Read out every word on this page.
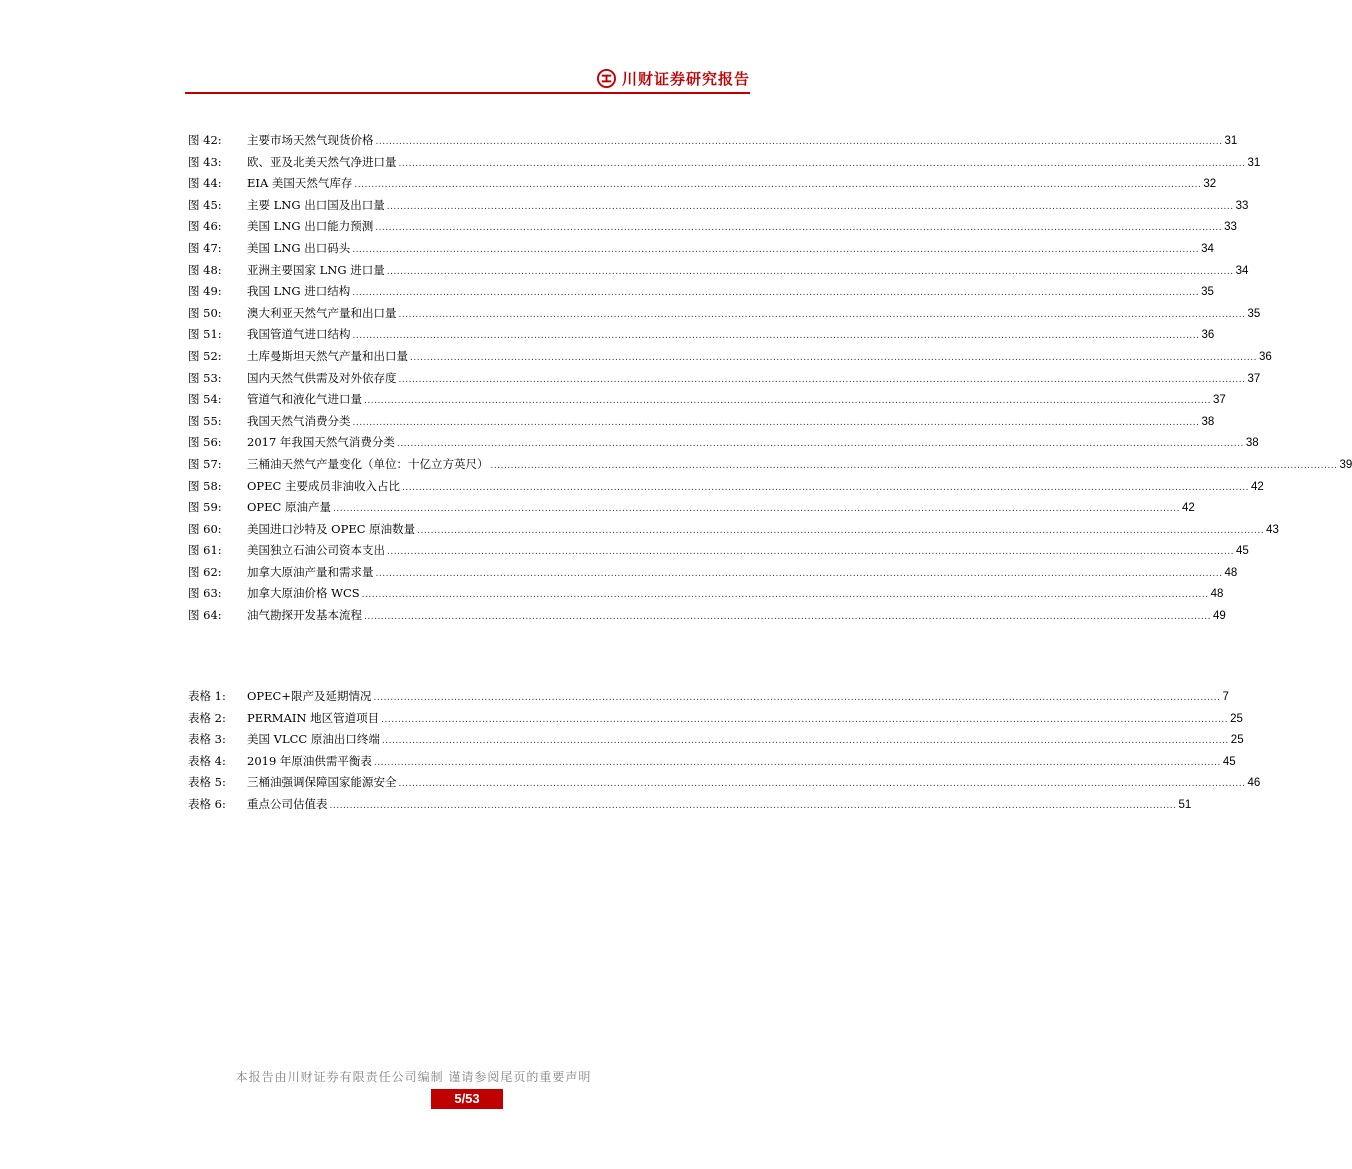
川财证券研究报告
图 42:	主要市场天然气现货价格 .....	31
图 43:	欧、亚及北美天然气净进口量 .....	31
图 44:	EIA 美国天然气库存 .....	32
图 45:	主要 LNG 出口国及出口量 .....	33
图 46:	美国 LNG 出口能力预测 .....	33
图 47:	美国 LNG 出口码头 .....	34
图 48:	亚洲主要国家 LNG 进口量 .....	34
图 49:	我国 LNG 进口结构 .....	35
图 50:	澳大利亚天然气产量和出口量 .....	35
图 51:	我国管道气进口结构 .....	36
图 52:	土库曼斯坦天然气产量和出口量 .....	36
图 53:	国内天然气供需及对外依存度 .....	37
图 54:	管道气和液化气进口量 .....	37
图 55:	我国天然气消费分类 .....	38
图 56:	2017 年我国天然气消费分类 .....	38
图 57:	三桶油天然气产量变化（单位：十亿立方英尺） .....	39
图 58:	OPEC 主要成员非油收入占比 .....	42
图 59:	OPEC 原油产量 .....	42
图 60:	美国进口沙特及 OPEC 原油数量 .....	43
图 61:	美国独立石油公司资本支出 .....	45
图 62:	加拿大原油产量和需求量 .....	48
图 63:	加拿大原油价格 WCS .....	48
图 64:	油气勘探开发基本流程 .....	49
表格 1:	OPEC+限产及延期情况 .....	7
表格 2:	PERMAIN 地区管道项目 .....	25
表格 3:	美国 VLCC 原油出口终端 .....	25
表格 4:	2019 年原油供需平衡表 .....	45
表格 5:	三桶油强调保障国家能源安全 .....	46
表格 6:	重点公司估值表 .....	51
本报告由川财证券有限责任公司编制 谨请参阅尾页的重要声明
5/53
